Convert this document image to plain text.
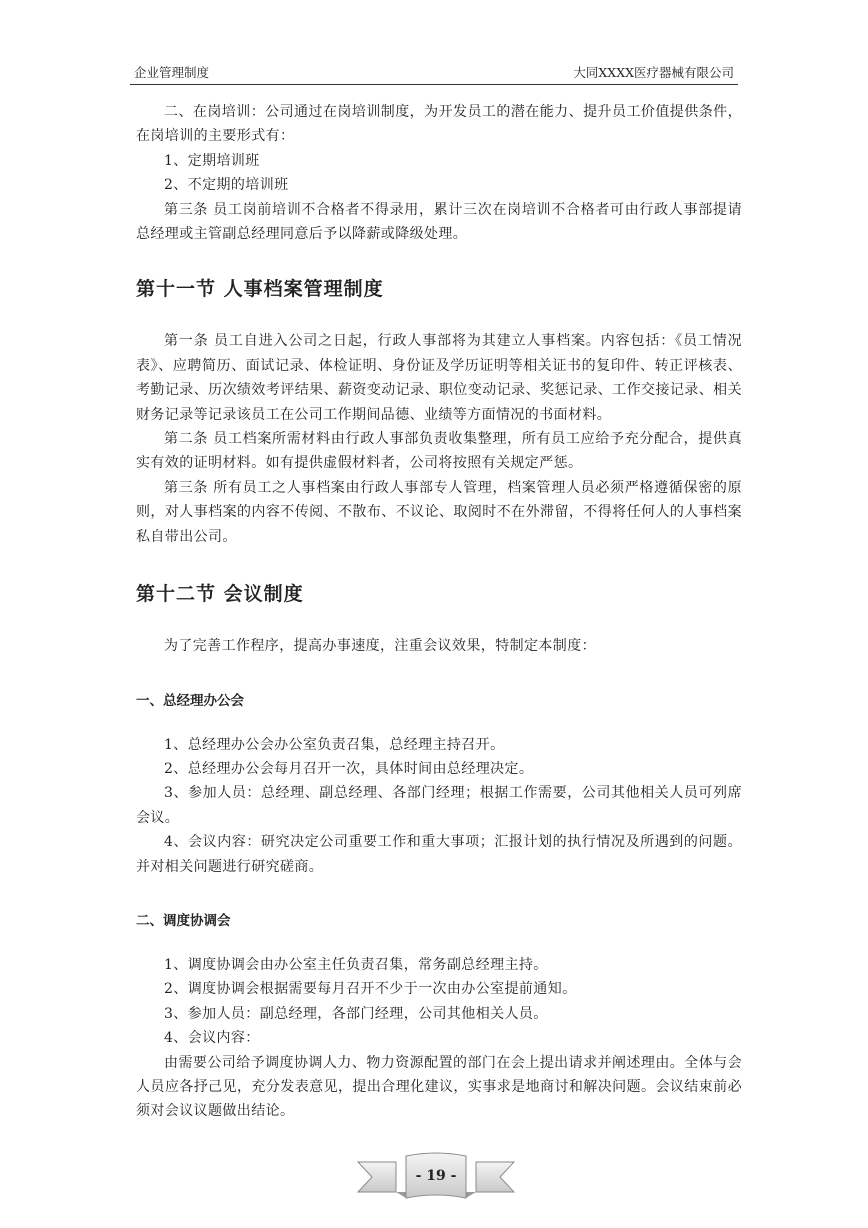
企业管理制度	大同XXXX医疗器械有限公司

二、在岗培训：公司通过在岗培训制度，为开发员工的潜在能力、提升员工价值提供条件，在岗培训的主要形式有：

1、定期培训班

2、不定期的培训班

第三条 员工岗前培训不合格者不得录用，累计三次在岗培训不合格者可由行政人事部提请总经理或主管副总经理同意后予以降薪或降级处理。

第十一节 人事档案管理制度

第一条 员工自进入公司之日起，行政人事部将为其建立人事档案。内容包括：《员工情况表》、应聘简历、面试记录、体检证明、身份证及学历证明等相关证书的复印件、转正评核表、考勤记录、历次绩效考评结果、薪资变动记录、职位变动记录、奖惩记录、工作交接记录、相关财务记录等记录该员工在公司工作期间品德、业绩等方面情况的书面材料。

第二条 员工档案所需材料由行政人事部负责收集整理，所有员工应给予充分配合，提供真实有效的证明材料。如有提供虚假材料者，公司将按照有关规定严惩。

第三条 所有员工之人事档案由行政人事部专人管理，档案管理人员必须严格遵循保密的原则，对人事档案的内容不传阅、不散布、不议论、取阅时不在外滞留，不得将任何人的人事档案私自带出公司。

第十二节 会议制度

为了完善工作程序，提高办事速度，注重会议效果，特制定本制度：

一、总经理办公会

1、总经理办公会办公室负责召集，总经理主持召开。

2、总经理办公会每月召开一次，具体时间由总经理决定。

3、参加人员：总经理、副总经理、各部门经理；根据工作需要，公司其他相关人员可列席会议。

4、会议内容：研究决定公司重要工作和重大事项；汇报计划的执行情况及所遇到的问题。并对相关问题进行研究磋商。

二、调度协调会

1、调度协调会由办公室主任负责召集，常务副总经理主持。

2、调度协调会根据需要每月召开不少于一次由办公室提前通知。

3、参加人员：副总经理，各部门经理，公司其他相关人员。

4、会议内容：

由需要公司给予调度协调人力、物力资源配置的部门在会上提出请求并阐述理由。全体与会人员应各抒己见，充分发表意见，提出合理化建议，实事求是地商讨和解决问题。会议结束前必须对会议议题做出结论。

- 19 -
